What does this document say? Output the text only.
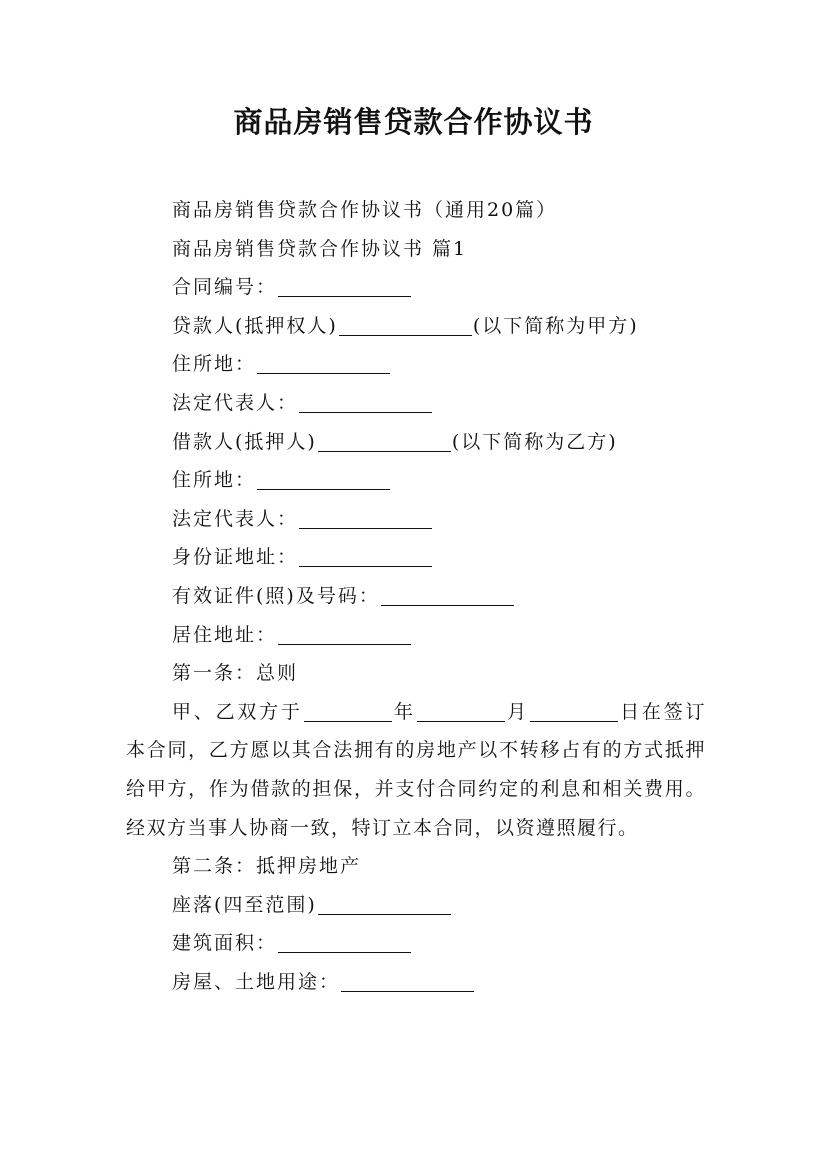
商品房销售贷款合作协议书
商品房销售贷款合作协议书（通用20篇）
商品房销售贷款合作协议书 篇1
合同编号：
贷款人(抵押权人)	(以下简称为甲方)
住所地：
法定代表人：
借款人(抵押人)	(以下简称为乙方)
住所地：
法定代表人：
身份证地址：
有效证件(照)及号码：
居住地址：
第一条：总则

甲、乙双方于	年	月	日在签订本合同，乙方愿以其合法拥有的房地产以不转移占有的方式抵押给甲方，作为借款的担保，并支付合同约定的利息和相关费用。经双方当事人协商一致，特订立本合同，以资遵照履行。

第二条：抵押房地产
座落(四至范围)
建筑面积：
房屋、土地用途：
